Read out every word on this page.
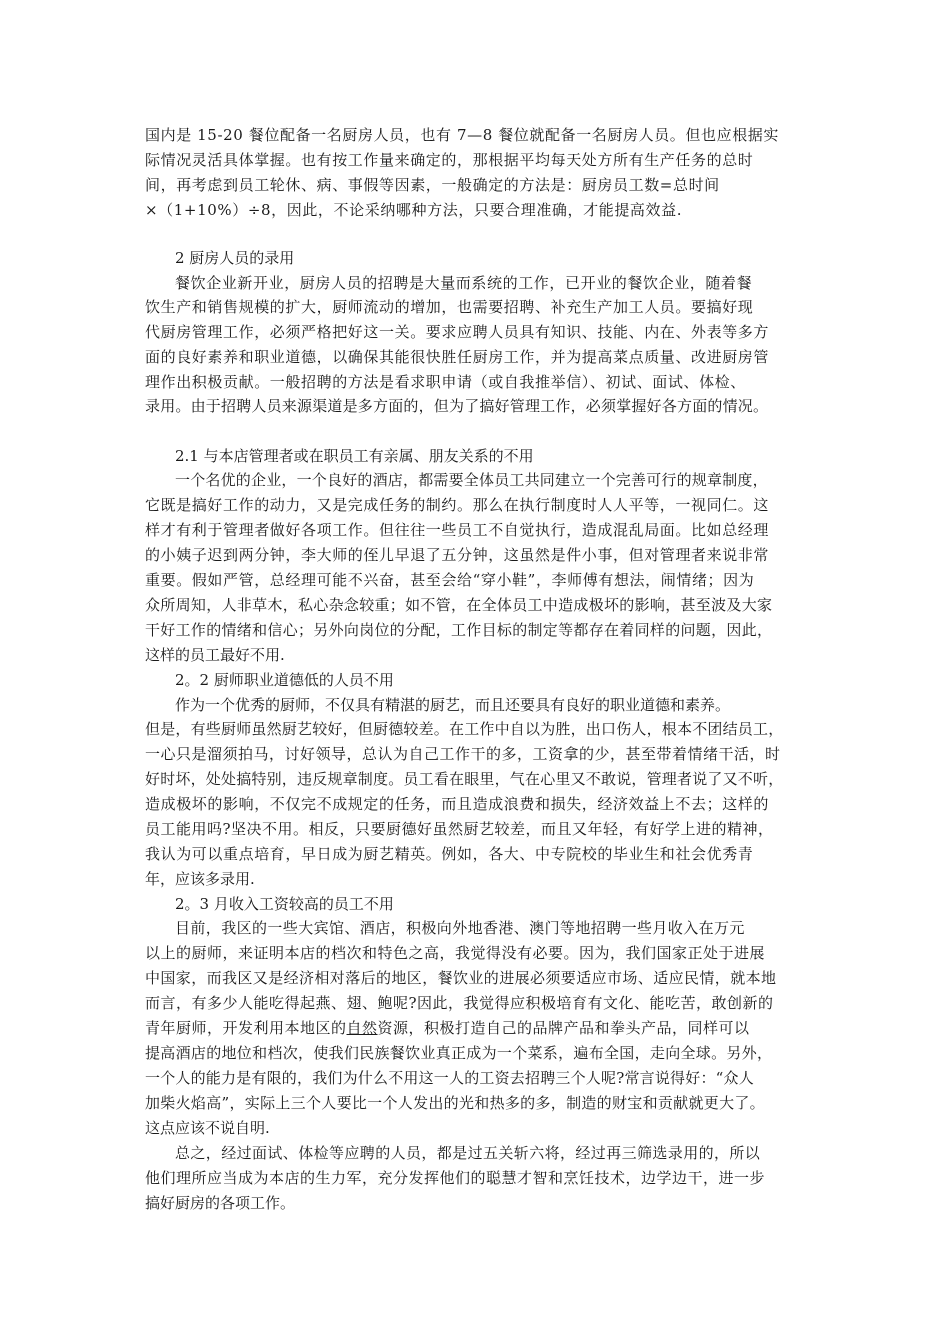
国内是 15-20 餐位配备一名厨房人员，也有 7—8 餐位就配备一名厨房人员。但也应根据实
际情况灵活具体掌握。也有按工作量来确定的，那根据平均每天处方所有生产任务的总时
间，再考虑到员工轮休、病、事假等因素，一般确定的方法是：厨房员工数=总时间
×（1+10%）÷8，因此，不论采纳哪种方法，只要合理准确，才能提高效益.
2 厨房人员的录用
餐饮企业新开业，厨房人员的招聘是大量而系统的工作，已开业的餐饮企业，随着餐
饮生产和销售规模的扩大，厨师流动的增加，也需要招聘、补充生产加工人员。要搞好现
代厨房管理工作，必须严格把好这一关。要求应聘人员具有知识、技能、内在、外表等多方
面的良好素养和职业道德，以确保其能很快胜任厨房工作，并为提高菜点质量、改进厨房管
理作出积极贡献。一般招聘的方法是看求职申请（或自我推举信）、初试、面试、体检、
录用。由于招聘人员来源渠道是多方面的，但为了搞好管理工作，必须掌握好各方面的情况。
2.1 与本店管理者或在职员工有亲属、朋友关系的不用
一个名优的企业，一个良好的酒店，都需要全体员工共同建立一个完善可行的规章制度，
它既是搞好工作的动力，又是完成任务的制约。那么在执行制度时人人平等，一视同仁。这
样才有利于管理者做好各项工作。但往往一些员工不自觉执行，造成混乱局面。比如总经理
的小姨子迟到两分钟，李大师的侄儿早退了五分钟，这虽然是件小事，但对管理者来说非常
重要。假如严管，总经理可能不兴奋，甚至会给“穿小鞋”，李师傅有想法，闹情绪；因为
众所周知，人非草木，私心杂念较重；如不管，在全体员工中造成极坏的影响，甚至波及大家
干好工作的情绪和信心；另外向岗位的分配，工作目标的制定等都存在着同样的问题，因此，
这样的员工最好不用.
2。2 厨师职业道德低的人员不用
作为一个优秀的厨师，不仅具有精湛的厨艺，而且还要具有良好的职业道德和素养。
但是，有些厨师虽然厨艺较好，但厨德较差。在工作中自以为胜，出口伤人，根本不团结员工，
一心只是溜须拍马，讨好领导，总认为自己工作干的多，工资拿的少，甚至带着情绪干活，时
好时坏，处处搞特别，违反规章制度。员工看在眼里，气在心里又不敢说，管理者说了又不听，
造成极坏的影响，不仅完不成规定的任务，而且造成浪费和损失，经济效益上不去；这样的
员工能用吗?坚决不用。相反，只要厨德好虽然厨艺较差，而且又年轻，有好学上进的精神，
我认为可以重点培育，早日成为厨艺精英。例如，各大、中专院校的毕业生和社会优秀青
年，应该多录用.
2。3 月收入工资较高的员工不用
目前，我区的一些大宾馆、酒店，积极向外地香港、澳门等地招聘一些月收入在万元
以上的厨师，来证明本店的档次和特色之高，我觉得没有必要。因为，我们国家正处于进展
中国家，而我区又是经济相对落后的地区，餐饮业的进展必须要适应市场、适应民情，就本地
而言，有多少人能吃得起燕、翅、鲍呢?因此，我觉得应积极培育有文化、能吃苦，敢创新的
青年厨师，开发利用本地区的自然资源，积极打造自己的品牌产品和拳头产品，同样可以
提高酒店的地位和档次，使我们民族餐饮业真正成为一个菜系，遍布全国，走向全球。另外，
一个人的能力是有限的，我们为什么不用这一人的工资去招聘三个人呢?常言说得好：“众人
加柴火焰高”，实际上三个人要比一个人发出的光和热多的多，制造的财宝和贡献就更大了。
这点应该不说自明.
总之，经过面试、体检等应聘的人员，都是过五关斩六将，经过再三筛选录用的，所以
他们理所应当成为本店的生力军，充分发挥他们的聪慧才智和烹饪技术，边学边干，进一步
搞好厨房的各项工作。
